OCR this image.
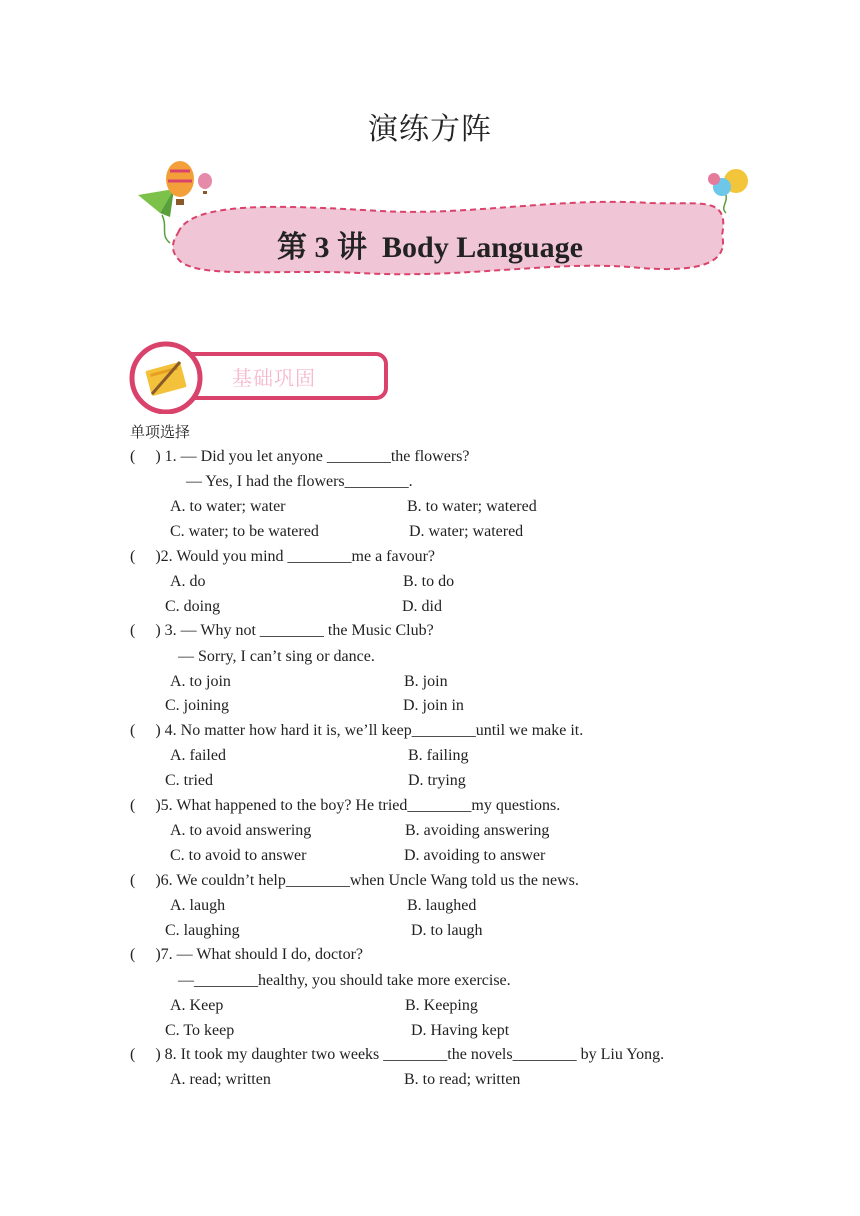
演练方阵
第 3 讲  Body Language
基础巩固
单项选择
(     ) 1. — Did you let anyone ________the flowers?
— Yes, I had the flowers________.
A. to water; water	B. to water; watered
C. water; to be watered	D. water; watered
(     )2. Would you mind ________me a favour?
A. do	B. to do
C. doing	D. did
(     ) 3. — Why not ________ the Music Club?
— Sorry, I can’t sing or dance.
A. to join	B. join
C. joining	D. join in
(     ) 4. No matter how hard it is, we’ll keep________until we make it.
A. failed	B. failing
C. tried	D. trying
(     )5. What happened to the boy? He tried________my questions.
A. to avoid answering	B. avoiding answering
C. to avoid to answer	D. avoiding to answer
(     )6. We couldn’t help________when Uncle Wang told us the news.
A. laugh	B. laughed
C. laughing	D. to laugh
(     )7. — What should I do, doctor?
—________healthy, you should take more exercise.
A. Keep	B. Keeping
C. To keep	D. Having kept
(     ) 8. It took my daughter two weeks ________the novels________ by Liu Yong.
A. read; written	B. to read; written
